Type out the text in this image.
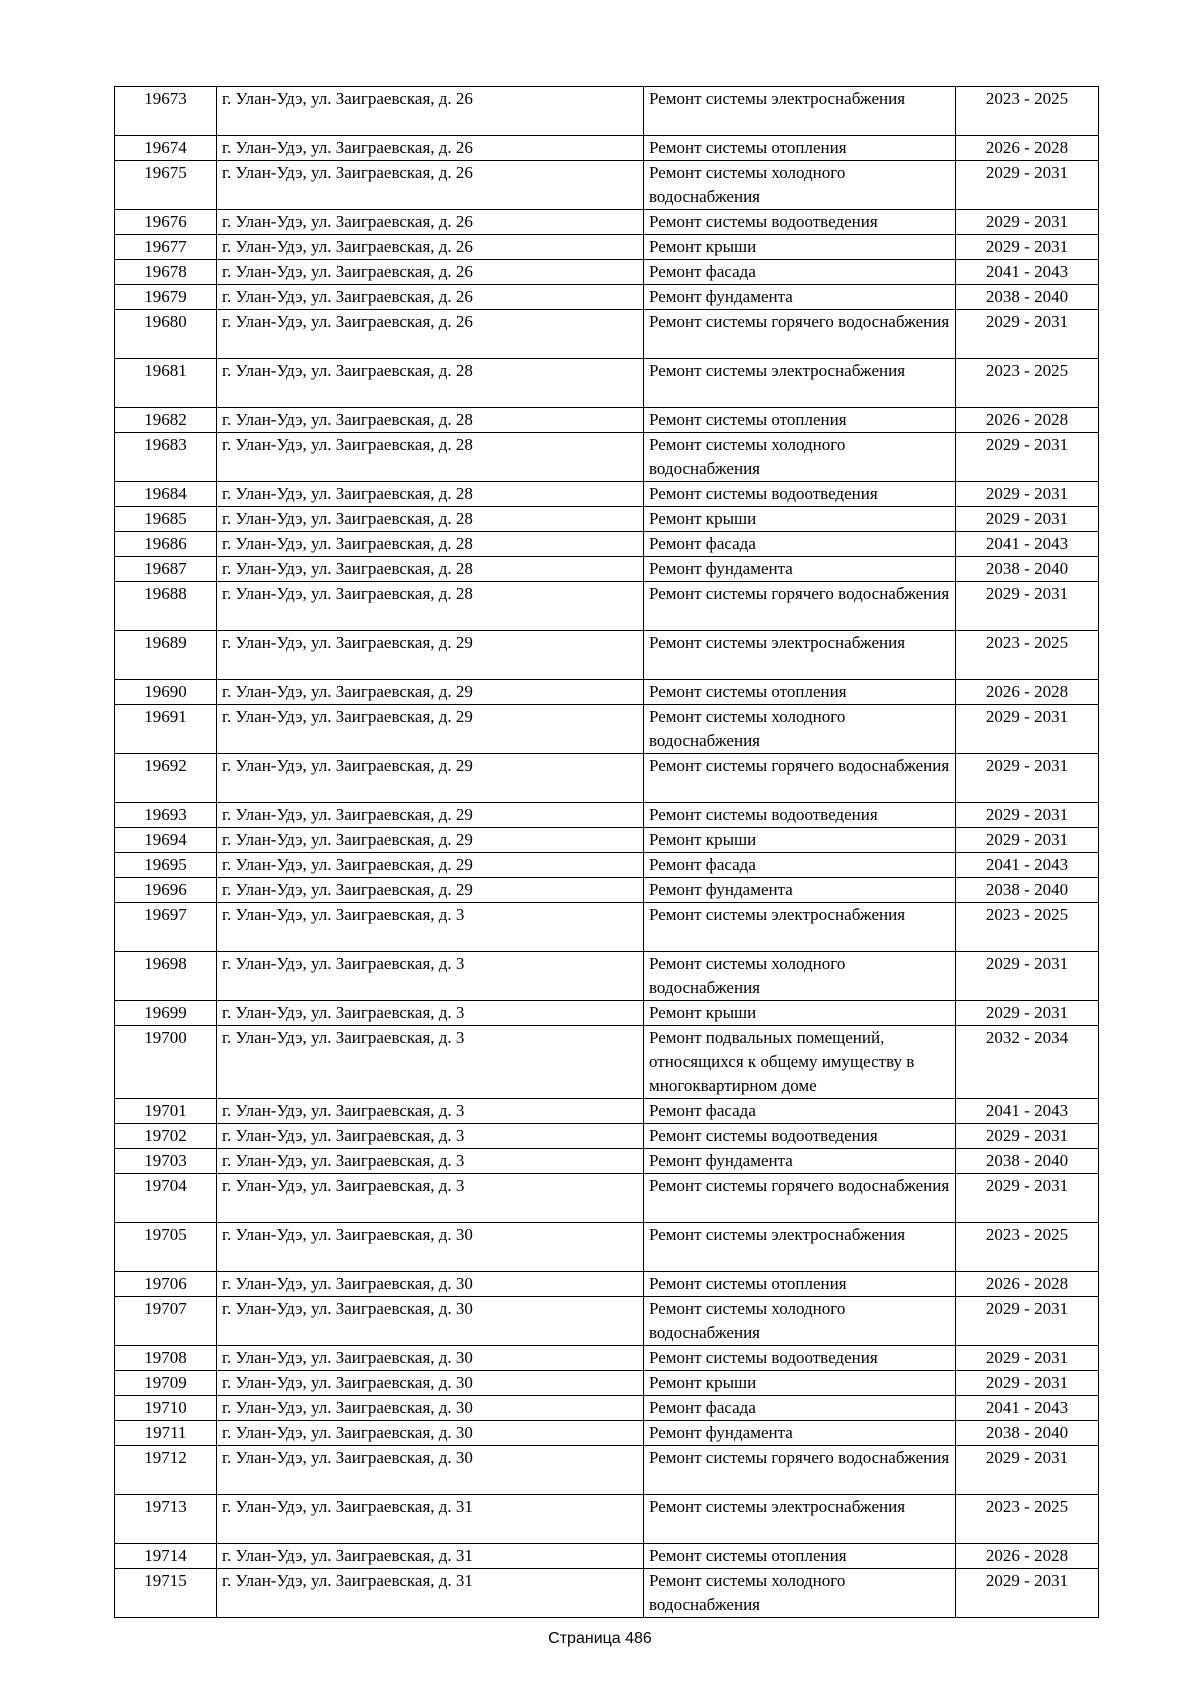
19673	г. Улан-Удэ, ул. Заиграевская, д. 26	Ремонт системы электроснабжения	2023 - 2025
19674	г. Улан-Удэ, ул. Заиграевская, д. 26	Ремонт системы отопления	2026 - 2028
19675	г. Улан-Удэ, ул. Заиграевская, д. 26	Ремонт системы холодного водоснабжения	2029 - 2031
19676	г. Улан-Удэ, ул. Заиграевская, д. 26	Ремонт системы водоотведения	2029 - 2031
19677	г. Улан-Удэ, ул. Заиграевская, д. 26	Ремонт крыши	2029 - 2031
19678	г. Улан-Удэ, ул. Заиграевская, д. 26	Ремонт фасада	2041 - 2043
19679	г. Улан-Удэ, ул. Заиграевская, д. 26	Ремонт фундамента	2038 - 2040
19680	г. Улан-Удэ, ул. Заиграевская, д. 26	Ремонт системы горячего водоснабжения	2029 - 2031
19681	г. Улан-Удэ, ул. Заиграевская, д. 28	Ремонт системы электроснабжения	2023 - 2025
19682	г. Улан-Удэ, ул. Заиграевская, д. 28	Ремонт системы отопления	2026 - 2028
19683	г. Улан-Удэ, ул. Заиграевская, д. 28	Ремонт системы холодного водоснабжения	2029 - 2031
19684	г. Улан-Удэ, ул. Заиграевская, д. 28	Ремонт системы водоотведения	2029 - 2031
19685	г. Улан-Удэ, ул. Заиграевская, д. 28	Ремонт крыши	2029 - 2031
19686	г. Улан-Удэ, ул. Заиграевская, д. 28	Ремонт фасада	2041 - 2043
19687	г. Улан-Удэ, ул. Заиграевская, д. 28	Ремонт фундамента	2038 - 2040
19688	г. Улан-Удэ, ул. Заиграевская, д. 28	Ремонт системы горячего водоснабжения	2029 - 2031
19689	г. Улан-Удэ, ул. Заиграевская, д. 29	Ремонт системы электроснабжения	2023 - 2025
19690	г. Улан-Удэ, ул. Заиграевская, д. 29	Ремонт системы отопления	2026 - 2028
19691	г. Улан-Удэ, ул. Заиграевская, д. 29	Ремонт системы холодного водоснабжения	2029 - 2031
19692	г. Улан-Удэ, ул. Заиграевская, д. 29	Ремонт системы горячего водоснабжения	2029 - 2031
19693	г. Улан-Удэ, ул. Заиграевская, д. 29	Ремонт системы водоотведения	2029 - 2031
19694	г. Улан-Удэ, ул. Заиграевская, д. 29	Ремонт крыши	2029 - 2031
19695	г. Улан-Удэ, ул. Заиграевская, д. 29	Ремонт фасада	2041 - 2043
19696	г. Улан-Удэ, ул. Заиграевская, д. 29	Ремонт фундамента	2038 - 2040
19697	г. Улан-Удэ, ул. Заиграевская, д. 3	Ремонт системы электроснабжения	2023 - 2025
19698	г. Улан-Удэ, ул. Заиграевская, д. 3	Ремонт системы холодного водоснабжения	2029 - 2031
19699	г. Улан-Удэ, ул. Заиграевская, д. 3	Ремонт крыши	2029 - 2031
19700	г. Улан-Удэ, ул. Заиграевская, д. 3	Ремонт подвальных помещений, относящихся к общему имуществу в многоквартирном доме	2032 - 2034
19701	г. Улан-Удэ, ул. Заиграевская, д. 3	Ремонт фасада	2041 - 2043
19702	г. Улан-Удэ, ул. Заиграевская, д. 3	Ремонт системы водоотведения	2029 - 2031
19703	г. Улан-Удэ, ул. Заиграевская, д. 3	Ремонт фундамента	2038 - 2040
19704	г. Улан-Удэ, ул. Заиграевская, д. 3	Ремонт системы горячего водоснабжения	2029 - 2031
19705	г. Улан-Удэ, ул. Заиграевская, д. 30	Ремонт системы электроснабжения	2023 - 2025
19706	г. Улан-Удэ, ул. Заиграевская, д. 30	Ремонт системы отопления	2026 - 2028
19707	г. Улан-Удэ, ул. Заиграевская, д. 30	Ремонт системы холодного водоснабжения	2029 - 2031
19708	г. Улан-Удэ, ул. Заиграевская, д. 30	Ремонт системы водоотведения	2029 - 2031
19709	г. Улан-Удэ, ул. Заиграевская, д. 30	Ремонт крыши	2029 - 2031
19710	г. Улан-Удэ, ул. Заиграевская, д. 30	Ремонт фасада	2041 - 2043
19711	г. Улан-Удэ, ул. Заиграевская, д. 30	Ремонт фундамента	2038 - 2040
19712	г. Улан-Удэ, ул. Заиграевская, д. 30	Ремонт системы горячего водоснабжения	2029 - 2031
19713	г. Улан-Удэ, ул. Заиграевская, д. 31	Ремонт системы электроснабжения	2023 - 2025
19714	г. Улан-Удэ, ул. Заиграевская, д. 31	Ремонт системы отопления	2026 - 2028
19715	г. Улан-Удэ, ул. Заиграевская, д. 31	Ремонт системы холодного водоснабжения	2029 - 2031
Страница 486
